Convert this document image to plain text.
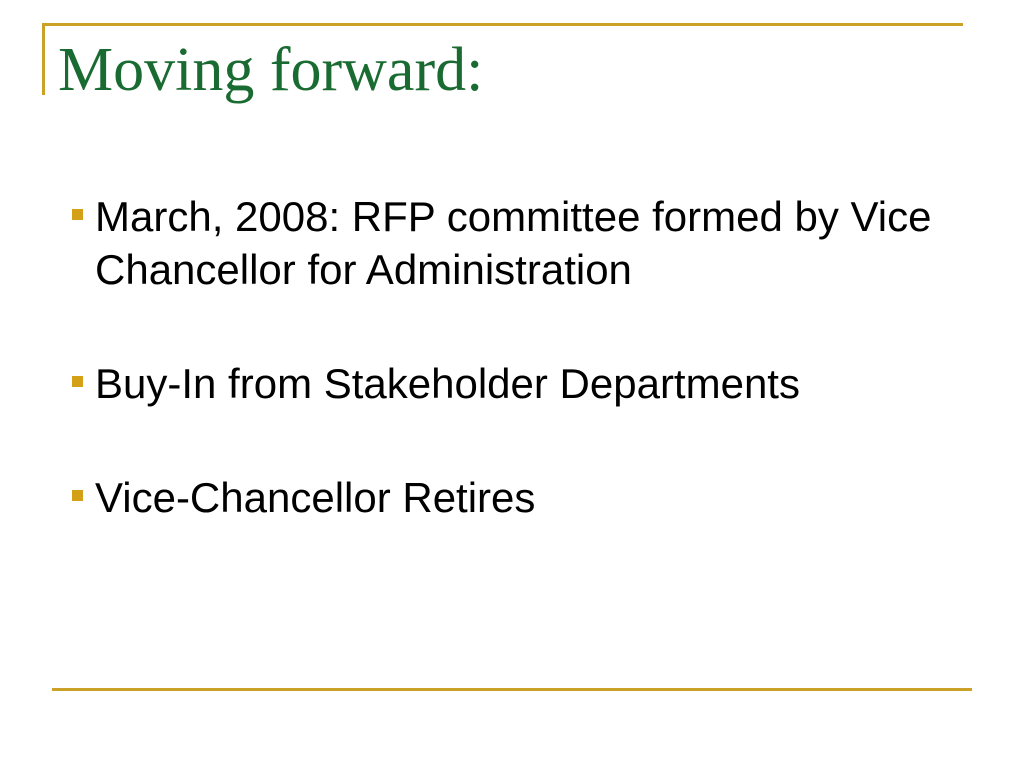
Moving forward:
March, 2008: RFP committee formed by Vice Chancellor for Administration
Buy-In from Stakeholder Departments
Vice-Chancellor Retires
